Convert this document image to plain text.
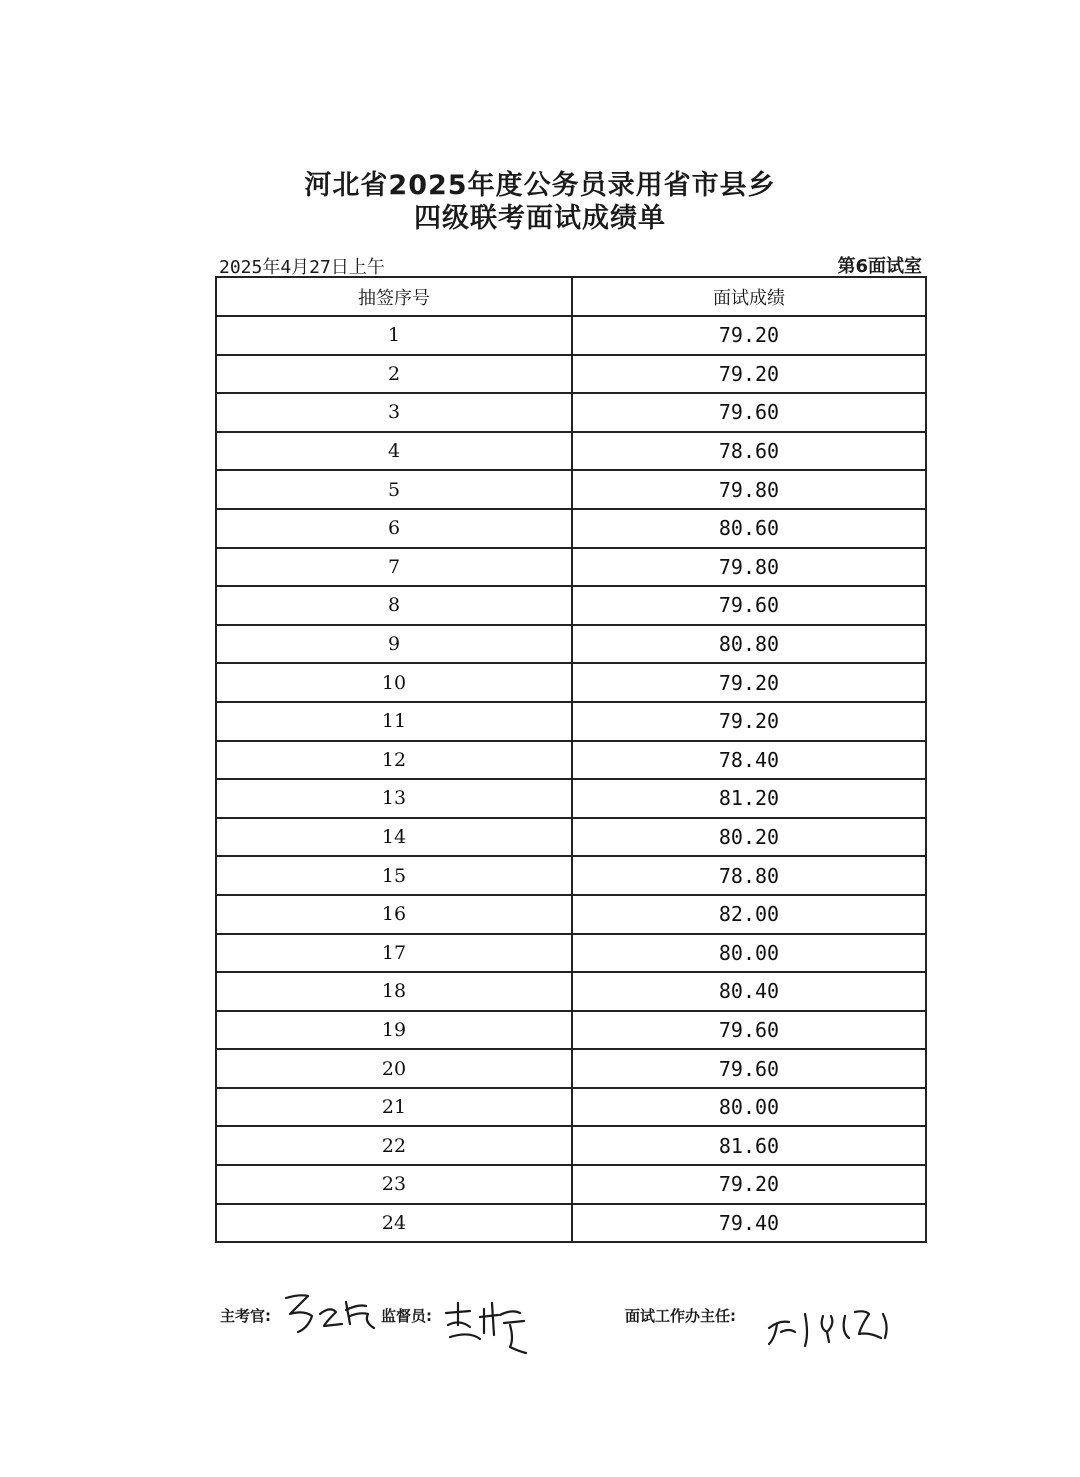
河北省2025年度公务员录用省市县乡
四级联考面试成绩单
2025年4月27日上午	第6面试室
抽签序号	面试成绩
1	79.20
2	79.20
3	79.60
4	78.60
5	79.80
6	80.60
7	79.80
8	79.60
9	80.80
10	79.20
11	79.20
12	78.40
13	81.20
14	80.20
15	78.80
16	82.00
17	80.00
18	80.40
19	79.60
20	79.60
21	80.00
22	81.60
23	79.20
24	79.40
主考官:	监督员:	面试工作办主任:
